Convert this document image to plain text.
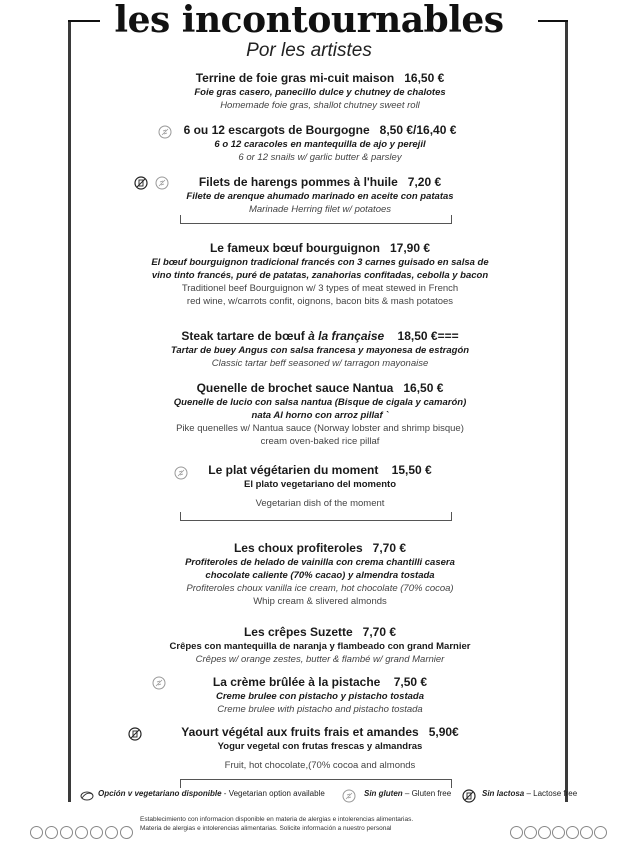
les incontournables
Por les artistes
Terrine de foie gras mi-cuit maison 16,50 €
Foie gras casero, panecillo dulce y chutney de chalotes
Homemade foie gras, shallot chutney sweet roll
6 ou 12 escargots de Bourgogne 8,50 €/16,40 €
6 o 12 caracoles en mantequilla de ajo y perejil
6 or 12 snails w/ garlic butter & parsley
Filets de harengs pommes à l'huile 7,20 €
Filete de arenque ahumado marinado en aceite con patatas
Marinade Herring filet w/ potatoes
Le fameux bœuf bourguignon 17,90 €
El bœuf bourguignon tradicional francés con 3 carnes guisado en salsa de
vino tinto francés, puré de patatas, zanahorias confitadas, cebolla y bacon
Traditionel beef Bourguignon w/ 3 types of meat stewed in French
red wine, w/carrots confit, oignons, bacon bits & mash potatoes
Steak tartare de bœuf à la française 18,50 €===
Tartar de buey Angus con salsa francesa y mayonesa de estragón
Classic tartar beff seasoned w/ tarragon mayonaise
Quenelle de brochet sauce Nantua 16,50 €
Quenelle de lucio con salsa nantua (Bisque de cigala y camarón)
nata Al horno con arroz pillaf `
Pike quenelles w/ Nantua sauce (Norway lobster and shrimp bisque)
cream oven-baked rice pillaf
Le plat végétarien du moment 15,50 €
El plato vegetariano del momento
Vegetarian dish of the moment
Les choux profiteroles 7,70 €
Profiteroles de helado de vainilla con crema chantilli casera
chocolate caliente (70% cacao) y almendra tostada
Profiteroles choux vanilla ice cream, hot chocolate (70% cocoa)
Whip cream & slivered almonds
Les crêpes Suzette 7,70 €
Crêpes con mantequilla de naranja y flambeado con grand Marnier
Crêpes w/ orange zestes, butter & flambé w/ grand Marnier
La crème brûlée à la pistache 7,50 €
Creme brulee con pistacho y pistacho tostada
Creme brulee with pistacho and pistacho tostada
Yaourt végétal aux fruits frais et amandes 5,90€
Yogur vegetal con frutas frescas y almandras
Fruit, hot chocolate,(70% cocoa and almonds
Opción v vegetariano disponible - Vegetarian option available	Sin gluten – Gluten free	Sin lactosa – Lactose free
Establecimiento con informacion disponible en materia de alergias e intolerencias alimentarias.
Materia de alergias e intolerencias alimentarias. Solicite información a nuestro personal
